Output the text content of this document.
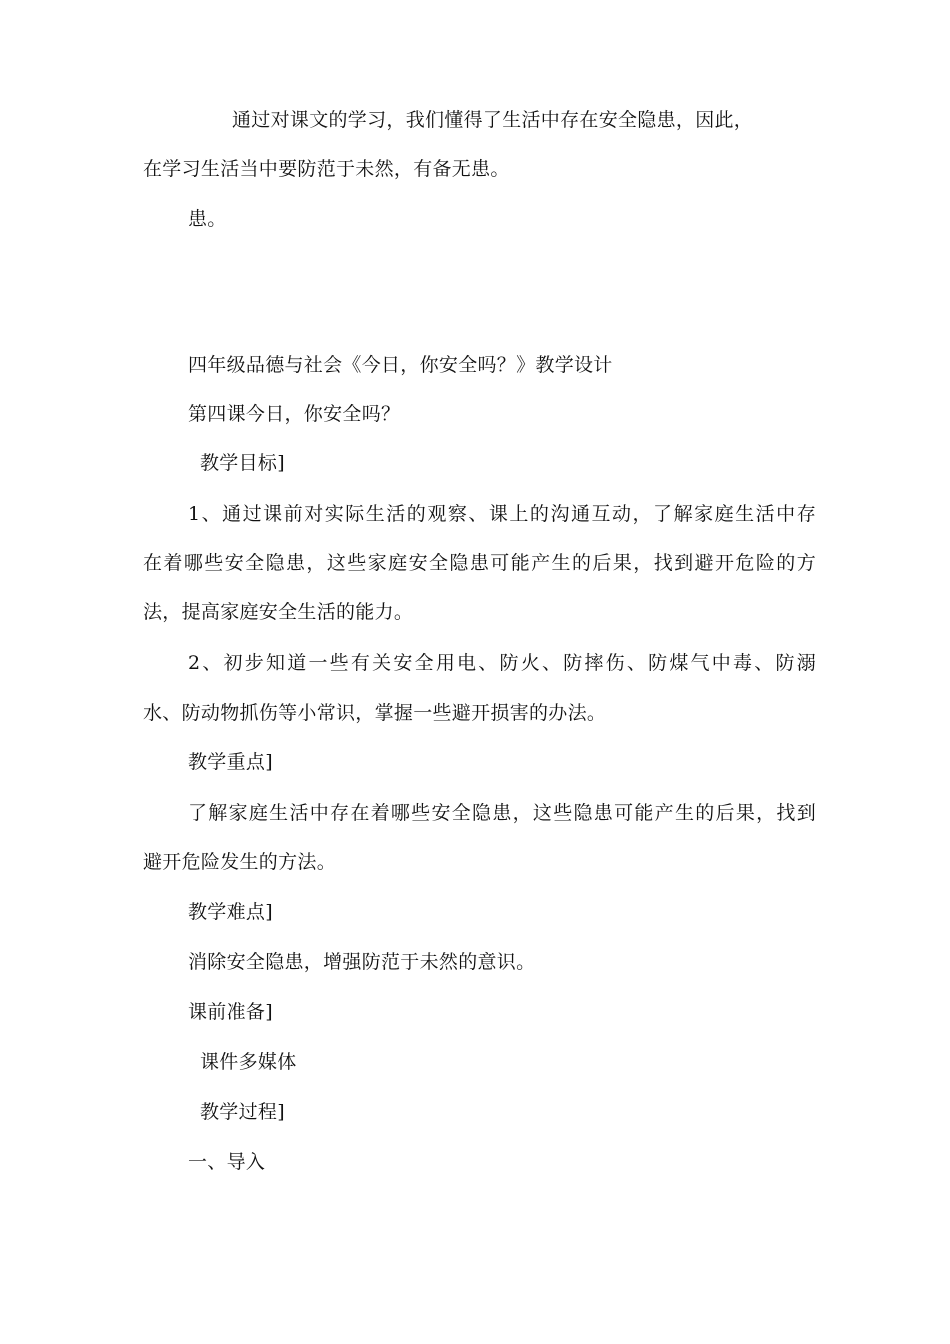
通过对课文的学习，我们懂得了生活中存在安全隐患，因此，
在学习生活当中要防范于未然，有备无患。
患。
四年级品德与社会《今日，你安全吗？》教学设计
第四课今日，你安全吗？
教学目标]
1、通过课前对实际生活的观察、课上的沟通互动，了解家庭生活中存
在着哪些安全隐患，这些家庭安全隐患可能产生的后果，找到避开危险的方
法，提高家庭安全生活的能力。
2、初步知道一些有关安全用电、防火、防摔伤、防煤气中毒、防溺
水、防动物抓伤等小常识，掌握一些避开损害的办法。
教学重点]
了解家庭生活中存在着哪些安全隐患，这些隐患可能产生的后果，找到
避开危险发生的方法。
教学难点]
消除安全隐患，增强防范于未然的意识。
课前准备]
课件多媒体
教学过程]
一、导入
